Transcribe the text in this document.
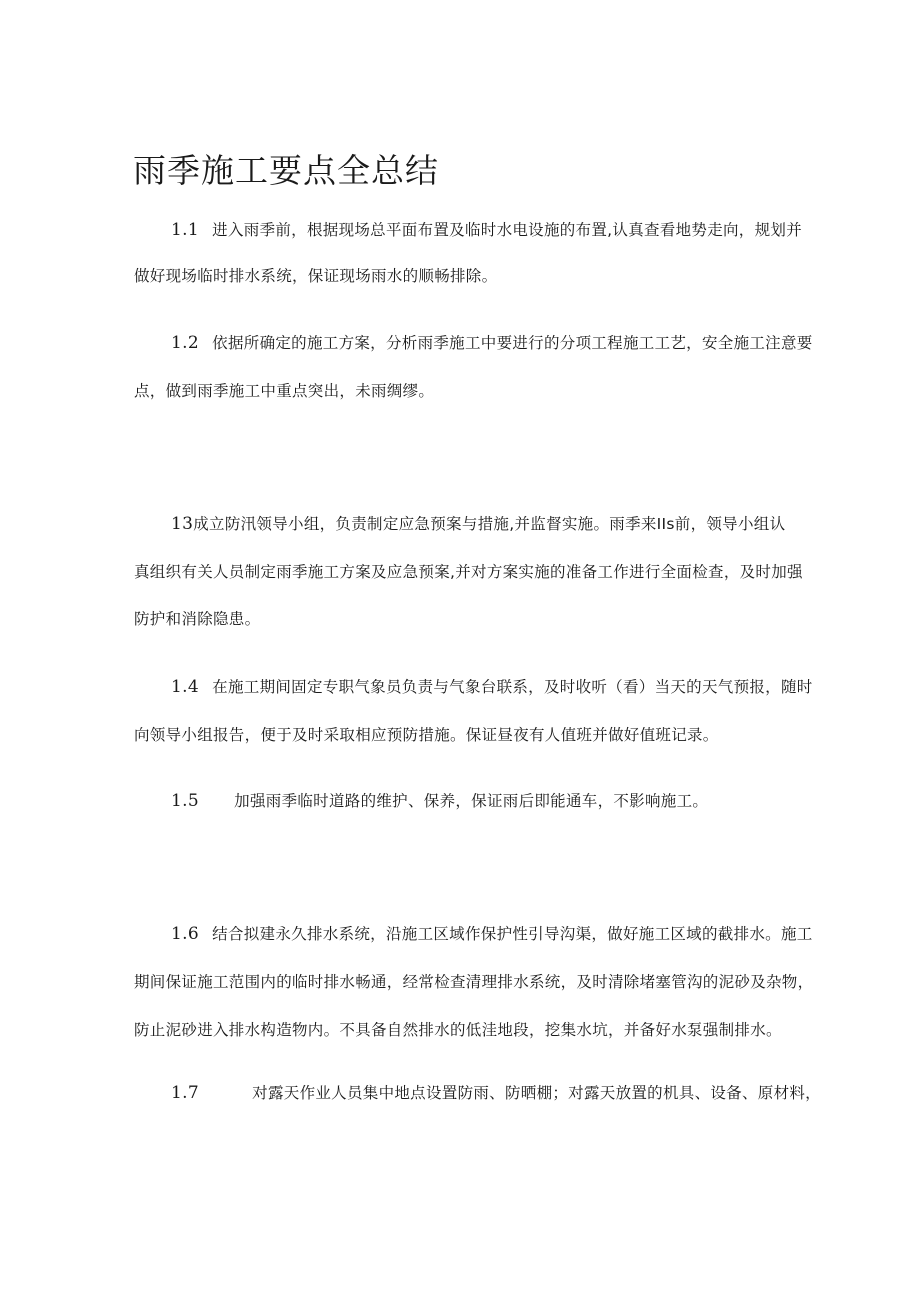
雨季施工要点全总结
1.1 进入雨季前，根据现场总平面布置及临时水电设施的布置,认真查看地势走向，规划并
做好现场临时排水系统，保证现场雨水的顺畅排除。
1.2 依据所确定的施工方案，分析雨季施工中要进行的分项工程施工工艺，安全施工注意要
点，做到雨季施工中重点突出，未雨绸缪。
13成立防汛领导小组，负责制定应急预案与措施,并监督实施。雨季来IIs前，领导小组认
真组织有关人员制定雨季施工方案及应急预案,并对方案实施的准备工作进行全面检查，及时加强
防护和消除隐患。
1.4 在施工期间固定专职气象员负责与气象台联系，及时收听（看）当天的天气预报，随时
向领导小组报告，便于及时采取相应预防措施。保证昼夜有人值班并做好值班记录。
1.5 加强雨季临时道路的维护、保养，保证雨后即能通车，不影响施工。
1.6 结合拟建永久排水系统，沿施工区域作保护性引导沟渠，做好施工区域的截排水。施工
期间保证施工范围内的临时排水畅通，经常检查清理排水系统，及时清除堵塞管沟的泥砂及杂物，
防止泥砂进入排水构造物内。不具备自然排水的低洼地段，挖集水坑，并备好水泵强制排水。
1.7	对露天作业人员集中地点设置防雨、防晒棚；对露天放置的机具、设备、原材料，
